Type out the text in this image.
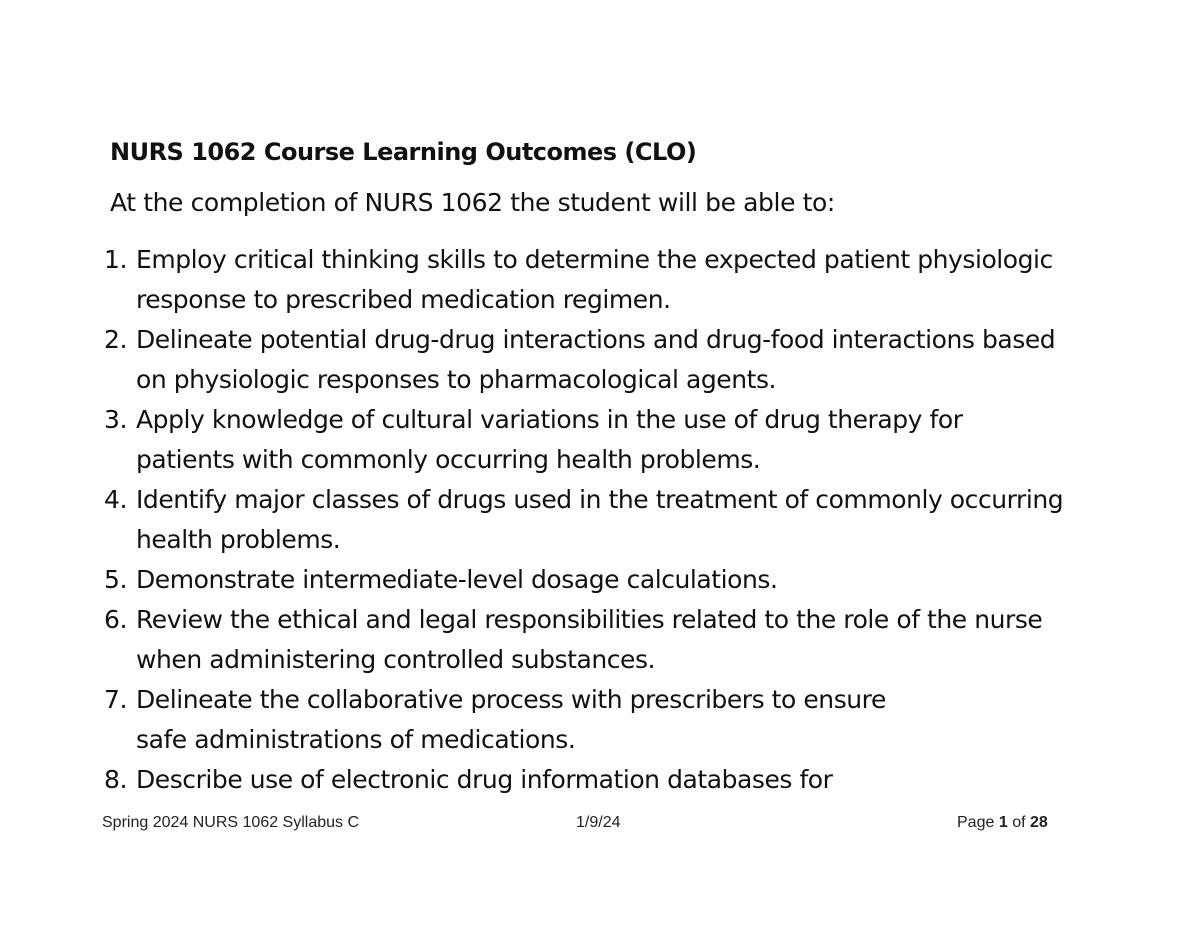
NURS 1062 Course Learning Outcomes (CLO)
At the completion of NURS 1062 the student will be able to:
1. Employ critical thinking skills to determine the expected patient physiologic
response to prescribed medication regimen.
2. Delineate potential drug-drug interactions and drug-food interactions based
on physiologic responses to pharmacological agents.
3. Apply knowledge of cultural variations in the use of drug therapy for
patients with commonly occurring health problems.
4. Identify major classes of drugs used in the treatment of commonly occurring
health problems.
5. Demonstrate intermediate-level dosage calculations.
6. Review the ethical and legal responsibilities related to the role of the nurse
when administering controlled substances.
7. Delineate the collaborative process with prescribers to ensure
safe administrations of medications.
8. Describe use of electronic drug information databases for
Spring 2024 NURS 1062 Syllabus C	1/9/24	Page 1 of 28
